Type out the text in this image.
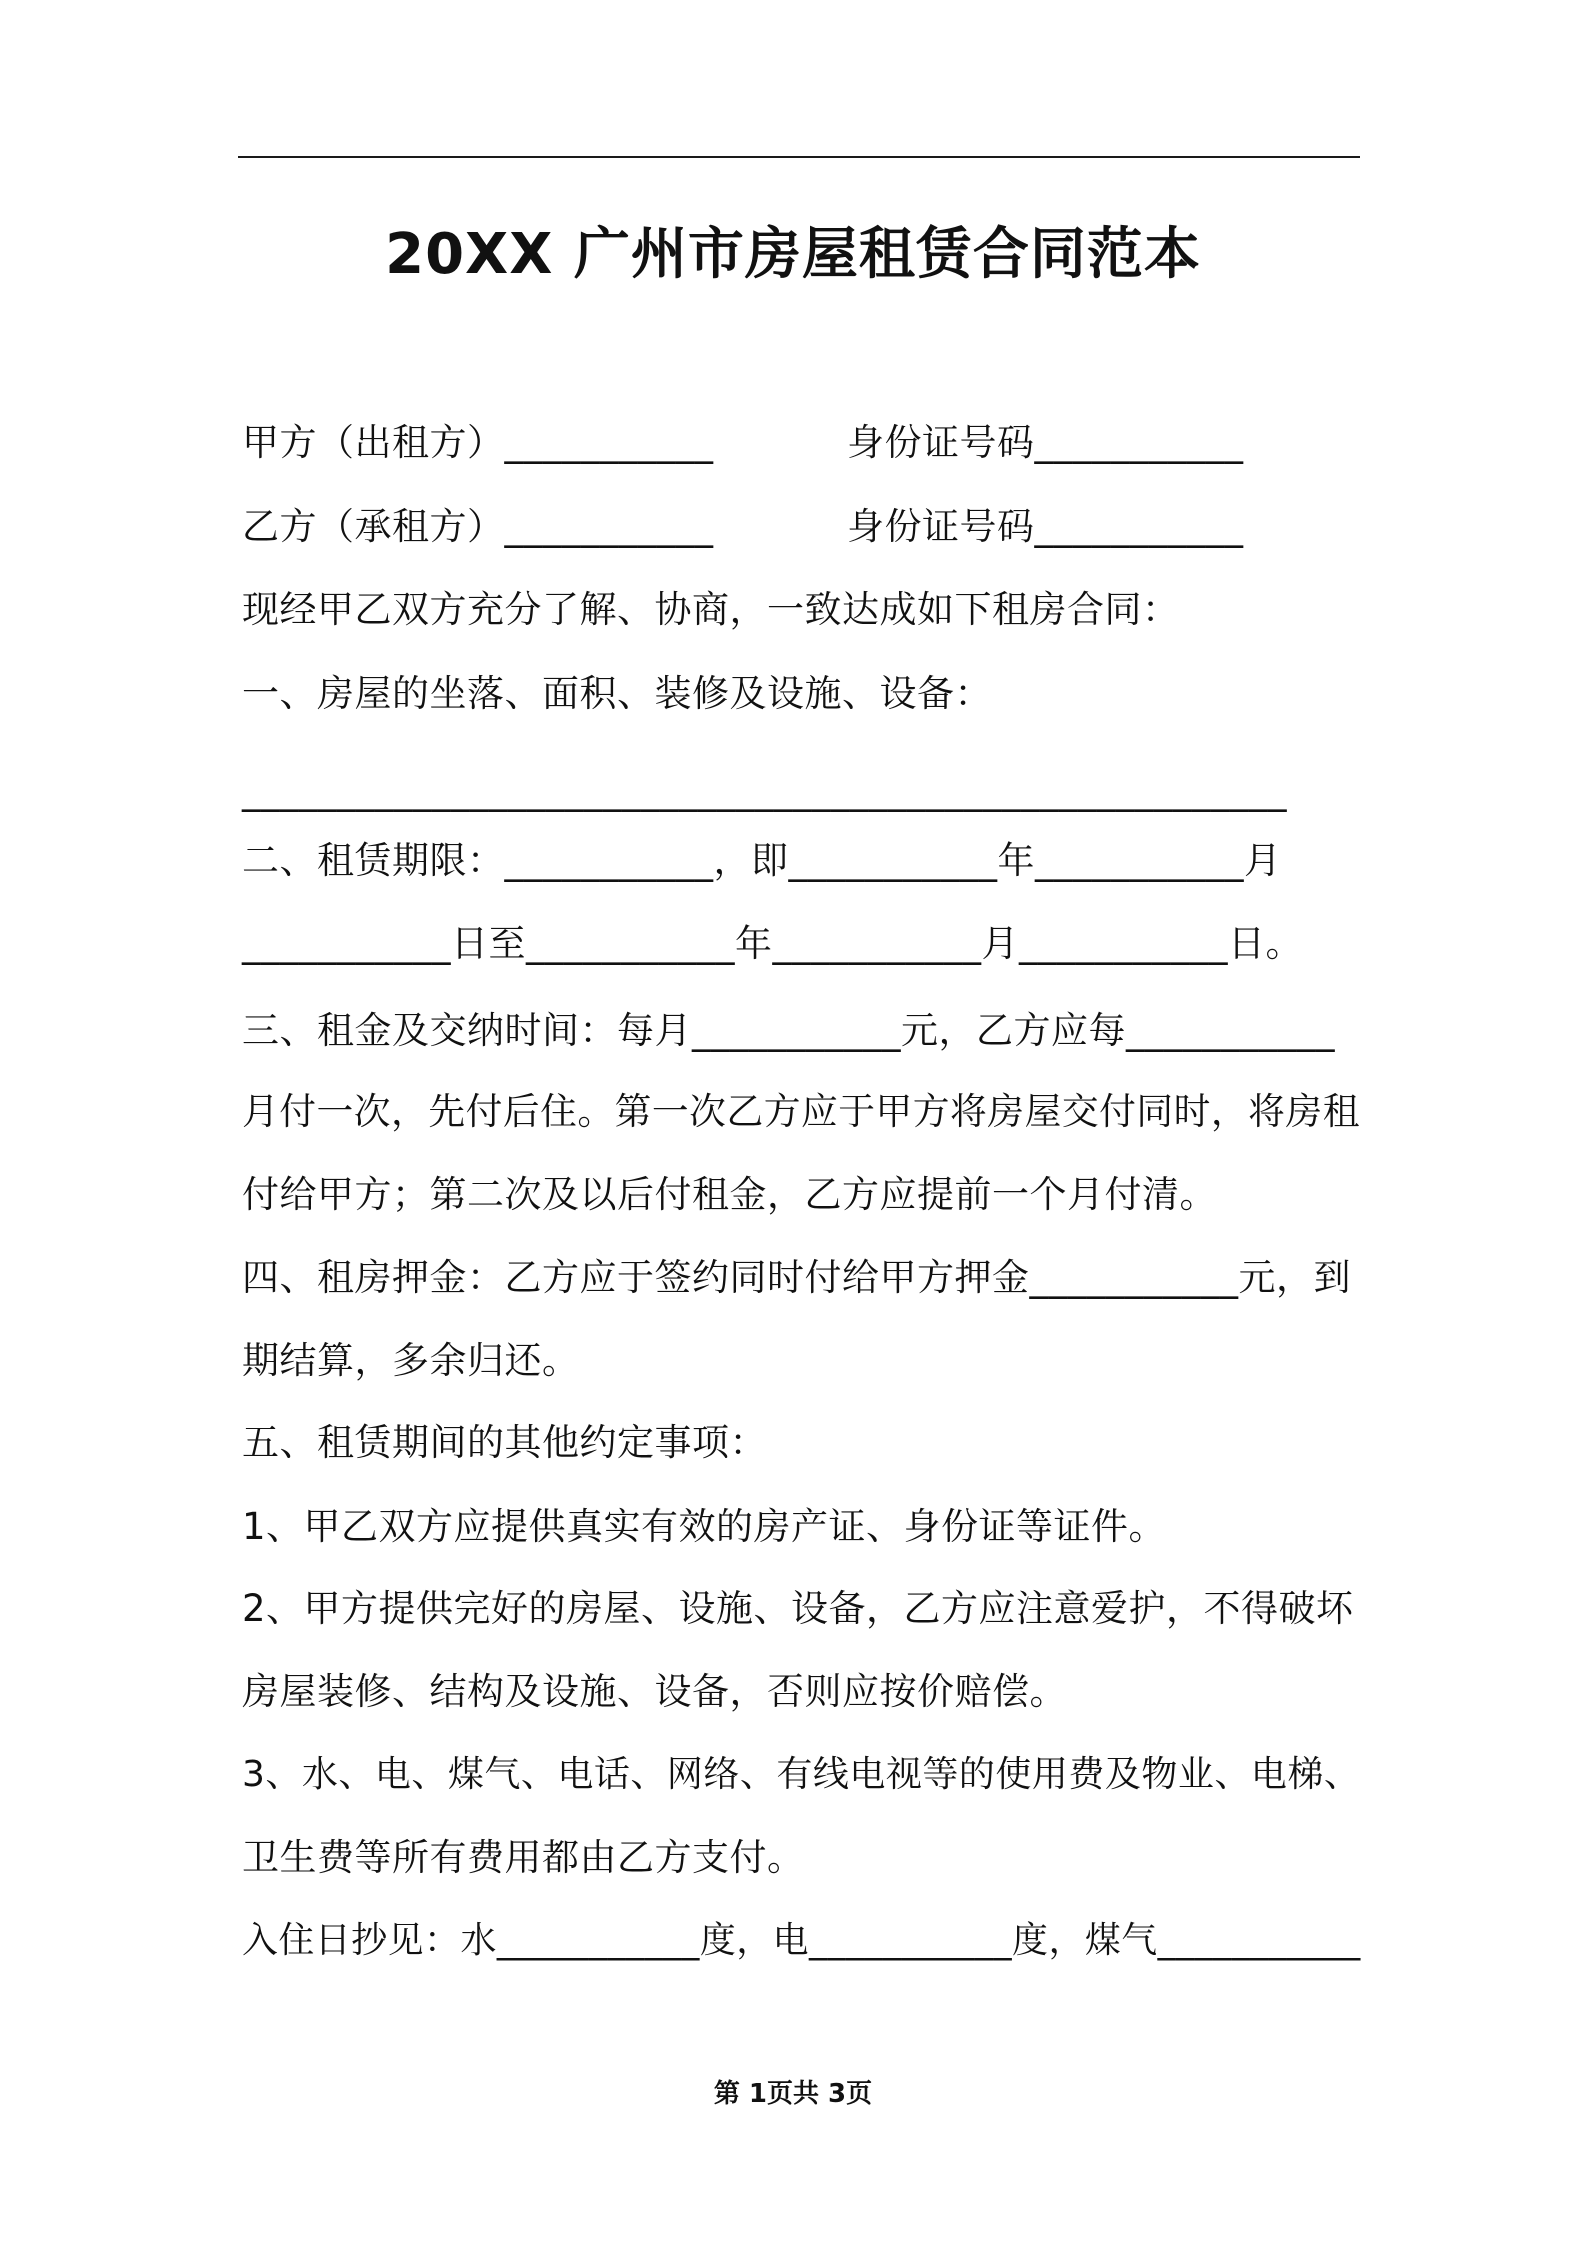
20XX 广州市房屋租赁合同范本
甲方（出租方）___________	身份证号码___________
乙方（承租方）___________	身份证号码___________
现经甲乙双方充分了解、协商，一致达成如下租房合同：
一、房屋的坐落、面积、装修及设施、设备：
_______________________________________________________
二、租赁期限：___________，即___________年___________月
___________日至___________年___________月___________日。
三、租金及交纳时间：每月___________元，乙方应每___________
月付一次，先付后住。第一次乙方应于甲方将房屋交付同时，将房租
付给甲方；第二次及以后付租金，乙方应提前一个月付清。
四、租房押金：乙方应于签约同时付给甲方押金___________元，到
期结算，多余归还。
五、租赁期间的其他约定事项：
1、甲乙双方应提供真实有效的房产证、身份证等证件。
2、甲方提供完好的房屋、设施、设备，乙方应注意爱护，不得破坏
房屋装修、结构及设施、设备，否则应按价赔偿。
3、水、电、煤气、电话、网络、有线电视等的使用费及物业、电梯、
卫生费等所有费用都由乙方支付。
入住日抄见：水___________度，电___________度，煤气___________
第 1页共 3页
